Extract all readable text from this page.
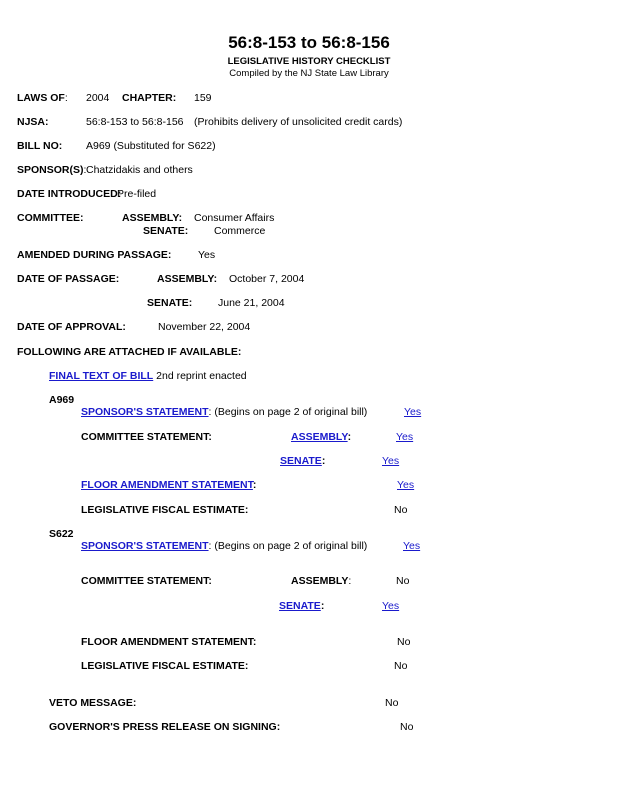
56:8-153 to 56:8-156
LEGISLATIVE HISTORY CHECKLIST
Compiled by the NJ State Law Library
LAWS OF: 2004 CHAPTER: 159
NJSA:	56:8-153 to 56:8-156 (Prohibits delivery of unsolicited credit cards)
BILL NO: A969 (Substituted for S622)
SPONSOR(S): Chatzidakis and others
DATE INTRODUCED:
Pre-filed
COMMITTEE:	ASSEMBLY: Consumer Affairs
SENATE: Commerce
AMENDED DURING PASSAGE:	Yes
DATE OF PASSAGE:	ASSEMBLY: October 7, 2004
SENATE: June 21, 2004
DATE OF APPROVAL:	November 22, 2004
FOLLOWING ARE ATTACHED IF AVAILABLE:
FINAL TEXT OF BILL 2nd reprint enacted
A969
SPONSOR'S STATEMENT: (Begins on page 2 of original bill)	Yes
COMMITTEE STATEMENT:	ASSEMBLY:	Yes
SENATE:	Yes
FLOOR AMENDMENT STATEMENT:	Yes
LEGISLATIVE FISCAL ESTIMATE:	No
S622
SPONSOR'S STATEMENT: (Begins on page 2 of original bill)	Yes
COMMITTEE STATEMENT:	ASSEMBLY:	No
SENATE:	Yes
FLOOR AMENDMENT STATEMENT:	No
LEGISLATIVE FISCAL ESTIMATE:	No
VETO MESSAGE:	No
GOVERNOR'S PRESS RELEASE ON SIGNING:	No
